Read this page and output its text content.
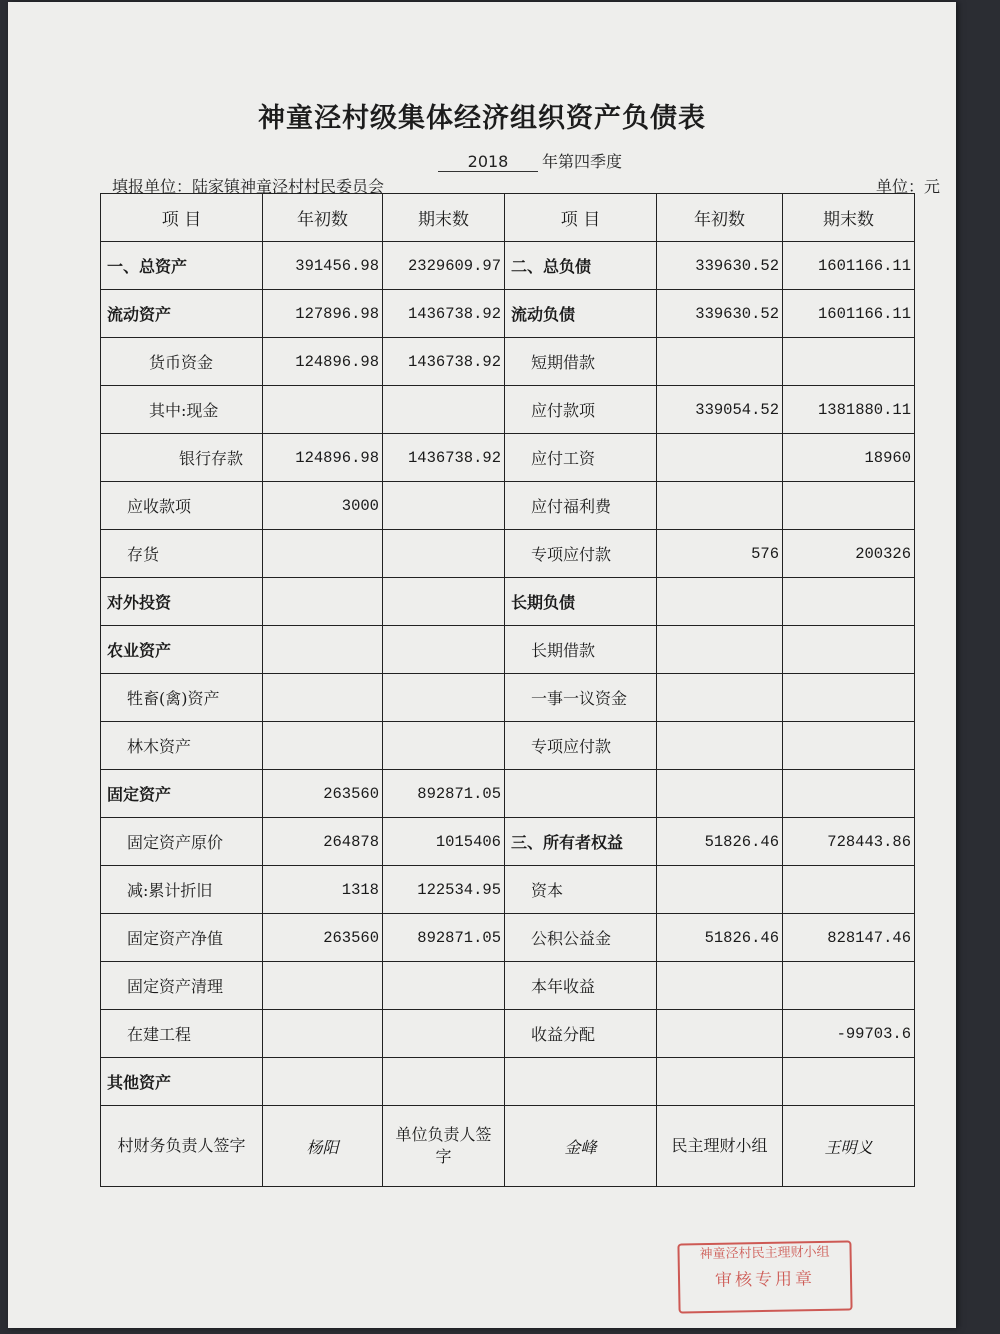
神童泾村级集体经济组织资产负债表
2018 年第四季度
填报单位：陆家镇神童泾村村民委员会	单位：元
项 目	年初数	期末数	项 目	年初数	期末数
一、总资产	391456.98	2329609.97	二、总负债	339630.52	1601166.11
流动资产	127896.98	1436738.92	流动负债	339630.52	1601166.11
货币资金	124896.98	1436738.92	短期借款		
其中:现金			应付款项	339054.52	1381880.11
银行存款	124896.98	1436738.92	应付工资		18960
应收款项	3000		应付福利费		
存货			专项应付款	576	200326
对外投资			长期负债		
农业资产			长期借款		
牲畜(禽)资产			一事一议资金		
林木资产			专项应付款		
固定资产	263560	892871.05			
固定资产原价	264878	1015406	三、所有者权益	51826.46	728443.86
减:累计折旧	1318	122534.95	资本		
固定资产净值	263560	892871.05	公积公益金	51826.46	828147.46
固定资产清理			本年收益		
在建工程			收益分配		-99703.6
其他资产					
村财务负责人签字	杨阳	单位负责人签 字	金峰	民主理财小组	王明义
神童泾村民主理财小组
审核专用章
